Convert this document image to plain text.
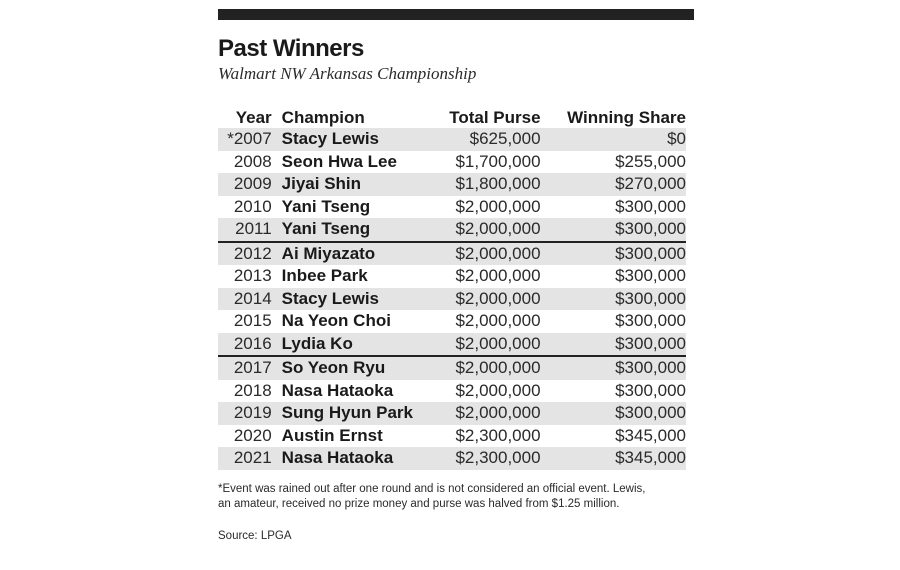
Past Winners
Walmart NW Arkansas Championship
Year	Champion	Total Purse	Winning Share
*2007	Stacy Lewis	$625,000	$0
2008	Seon Hwa Lee	$1,700,000	$255,000
2009	Jiyai Shin	$1,800,000	$270,000
2010	Yani Tseng	$2,000,000	$300,000
2011	Yani Tseng	$2,000,000	$300,000
2012	Ai Miyazato	$2,000,000	$300,000
2013	Inbee Park	$2,000,000	$300,000
2014	Stacy Lewis	$2,000,000	$300,000
2015	Na Yeon Choi	$2,000,000	$300,000
2016	Lydia Ko	$2,000,000	$300,000
2017	So Yeon Ryu	$2,000,000	$300,000
2018	Nasa Hataoka	$2,000,000	$300,000
2019	Sung Hyun Park	$2,000,000	$300,000
2020	Austin Ernst	$2,300,000	$345,000
2021	Nasa Hataoka	$2,300,000	$345,000
*Event was rained out after one round and is not considered an official event. Lewis, an amateur, received no prize money and purse was halved from $1.25 million.
Source: LPGA
